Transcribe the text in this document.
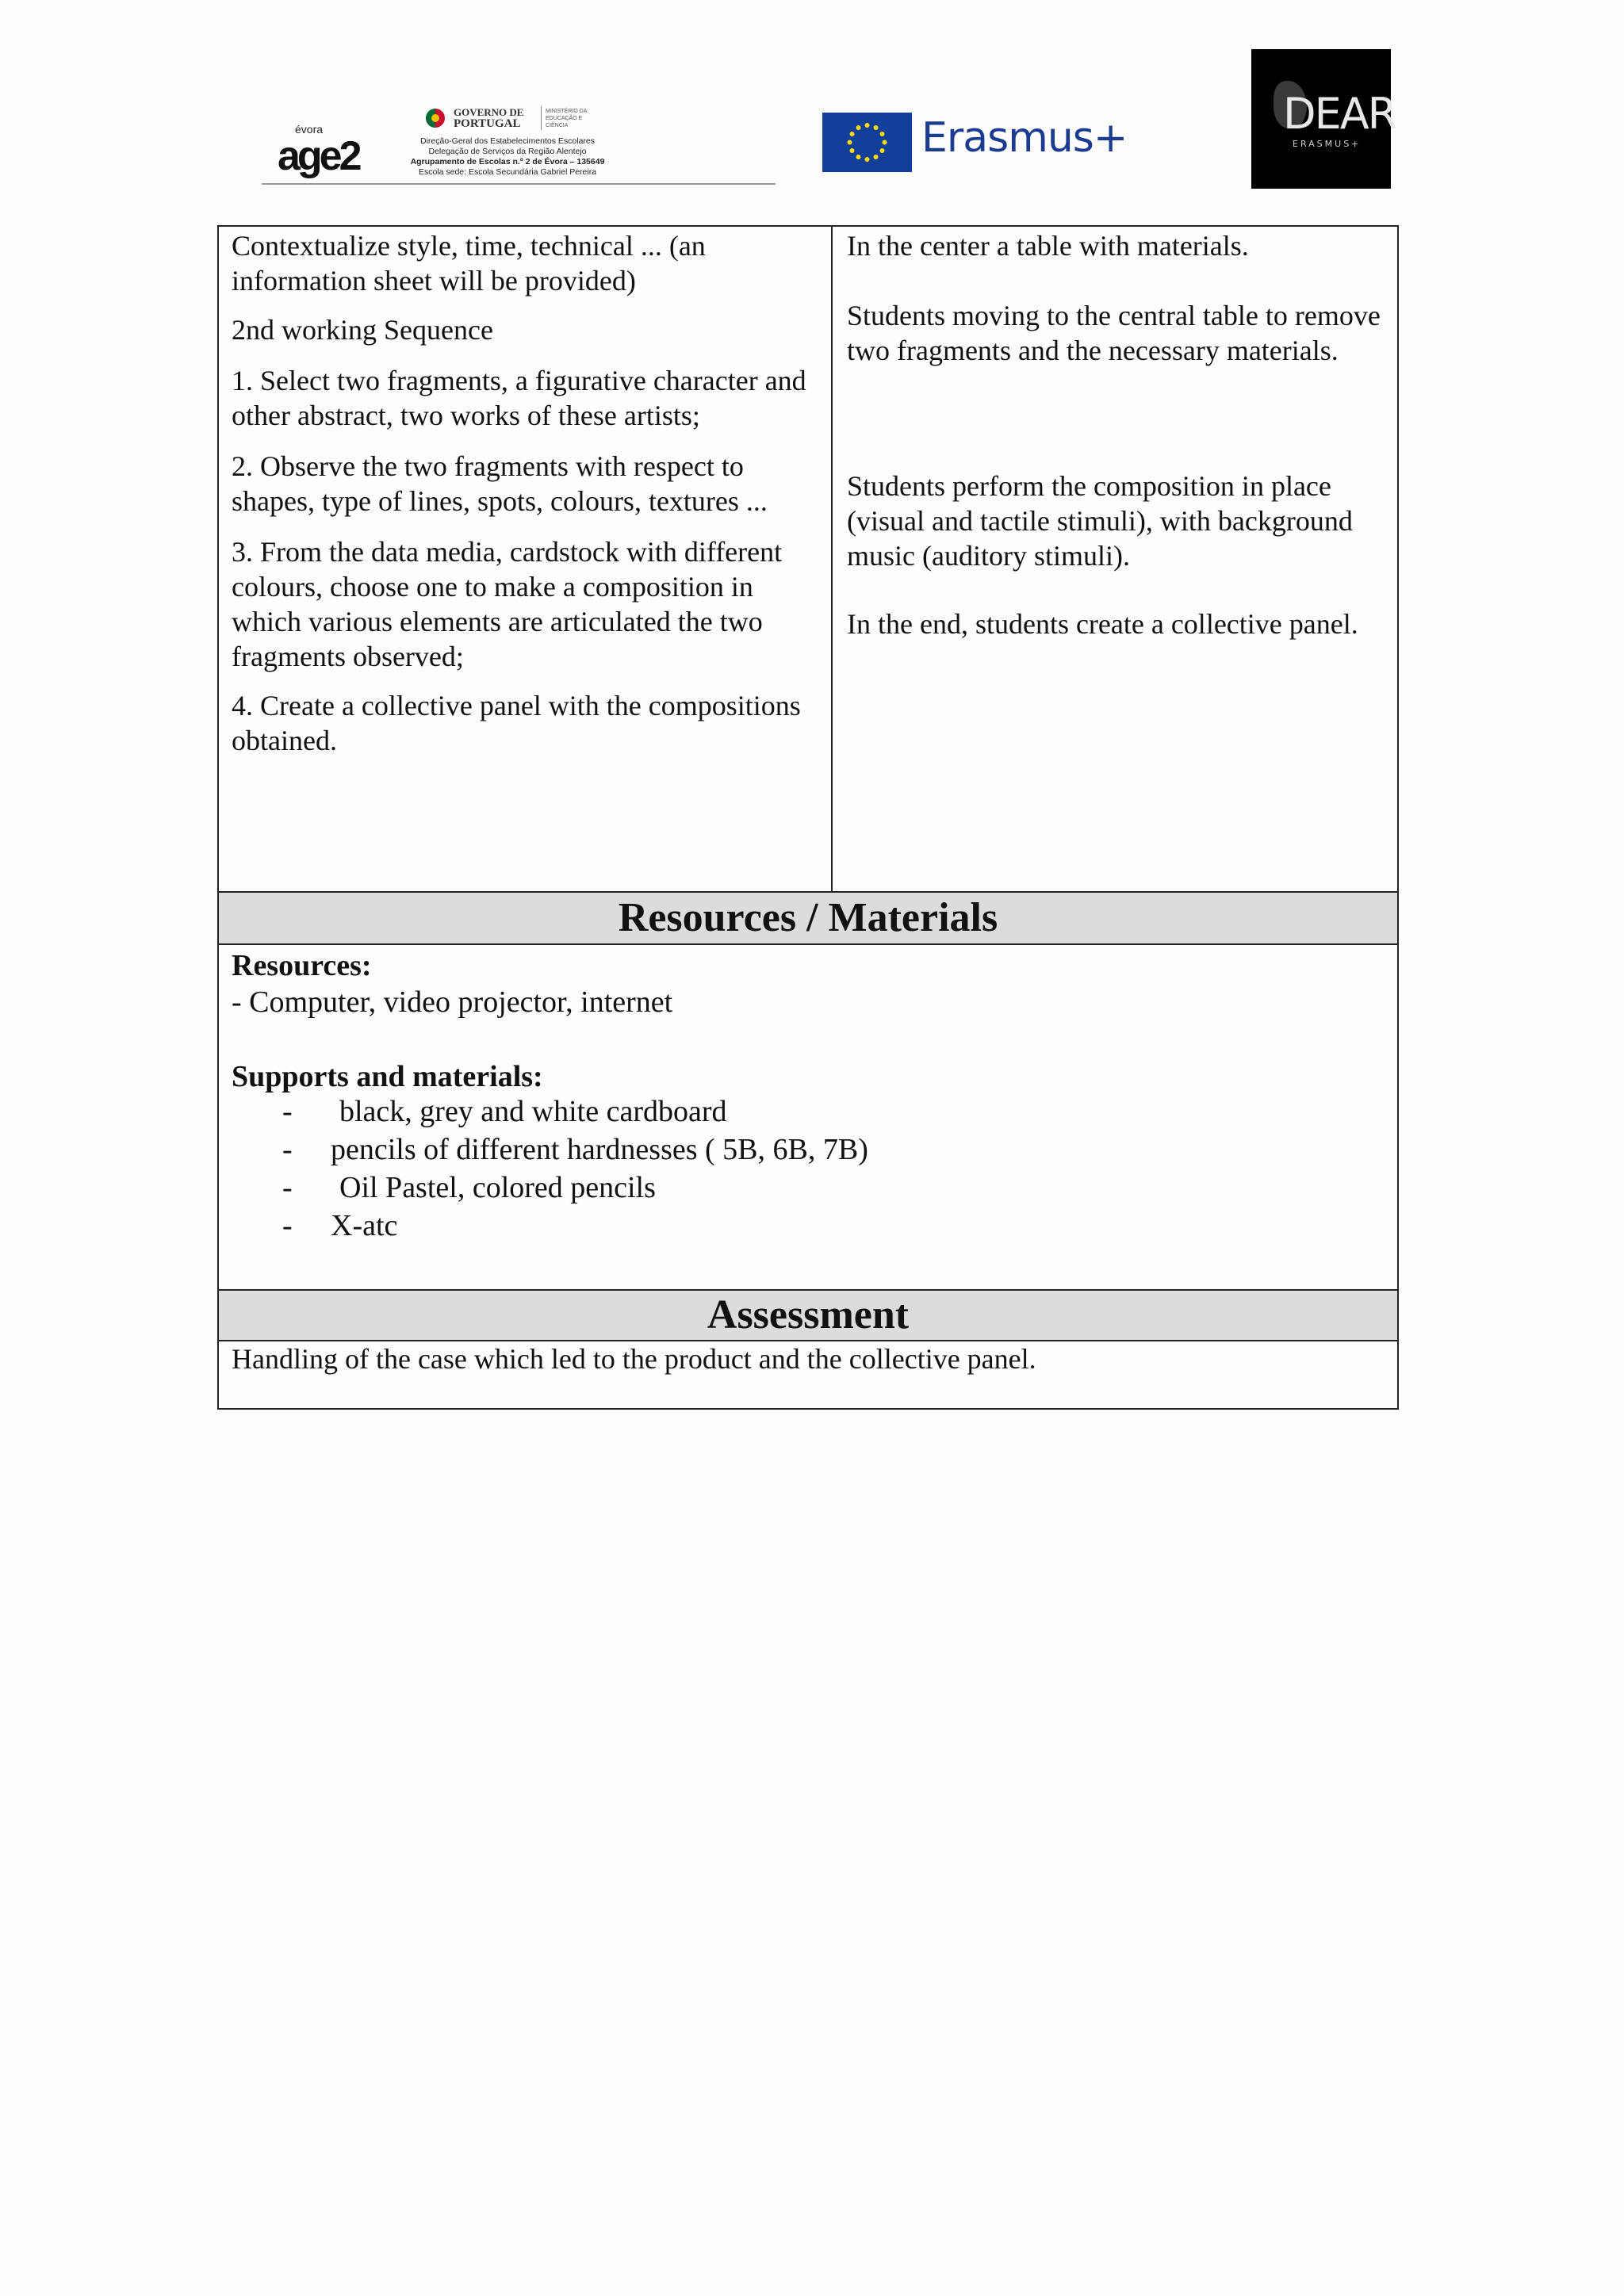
évora
age2
GOVERNO DE
PORTUGAL
MINISTÉRIO DA EDUCAÇÃO E CIÊNCIA
Direção-Geral dos Estabelecimentos Escolares
Delegação de Serviços da Região Alentejo
Agrupamento de Escolas n.º 2 de Évora – 135649
Escola sede: Escola Secundária Gabriel Pereira
Erasmus+	DEAR
ERASMUS+
Contextualize style, time, technical ... (an information sheet will be provided)
2nd working Sequence
1. Select two fragments, a figurative character and other abstract, two works of these artists;
2. Observe the two fragments with respect to shapes, type of lines, spots, colours, textures ...
3. From the data media, cardstock with different colours, choose one to make a composition in which various elements are articulated the two fragments observed;
4. Create a collective panel with the compositions obtained.
In the center a table with materials.
Students moving to the central table to remove two fragments and the necessary materials.
Students perform the composition in place (visual and tactile stimuli), with background music (auditory stimuli).
In the end, students create a collective panel.
Resources / Materials
Resources:
- Computer, video projector, internet
Supports and materials:
- black, grey and white cardboard
- pencils of different hardnesses ( 5B, 6B, 7B)
- Oil Pastel, colored pencils
- X-atc
Assessment
Handling of the case which led to the product and the collective panel.
